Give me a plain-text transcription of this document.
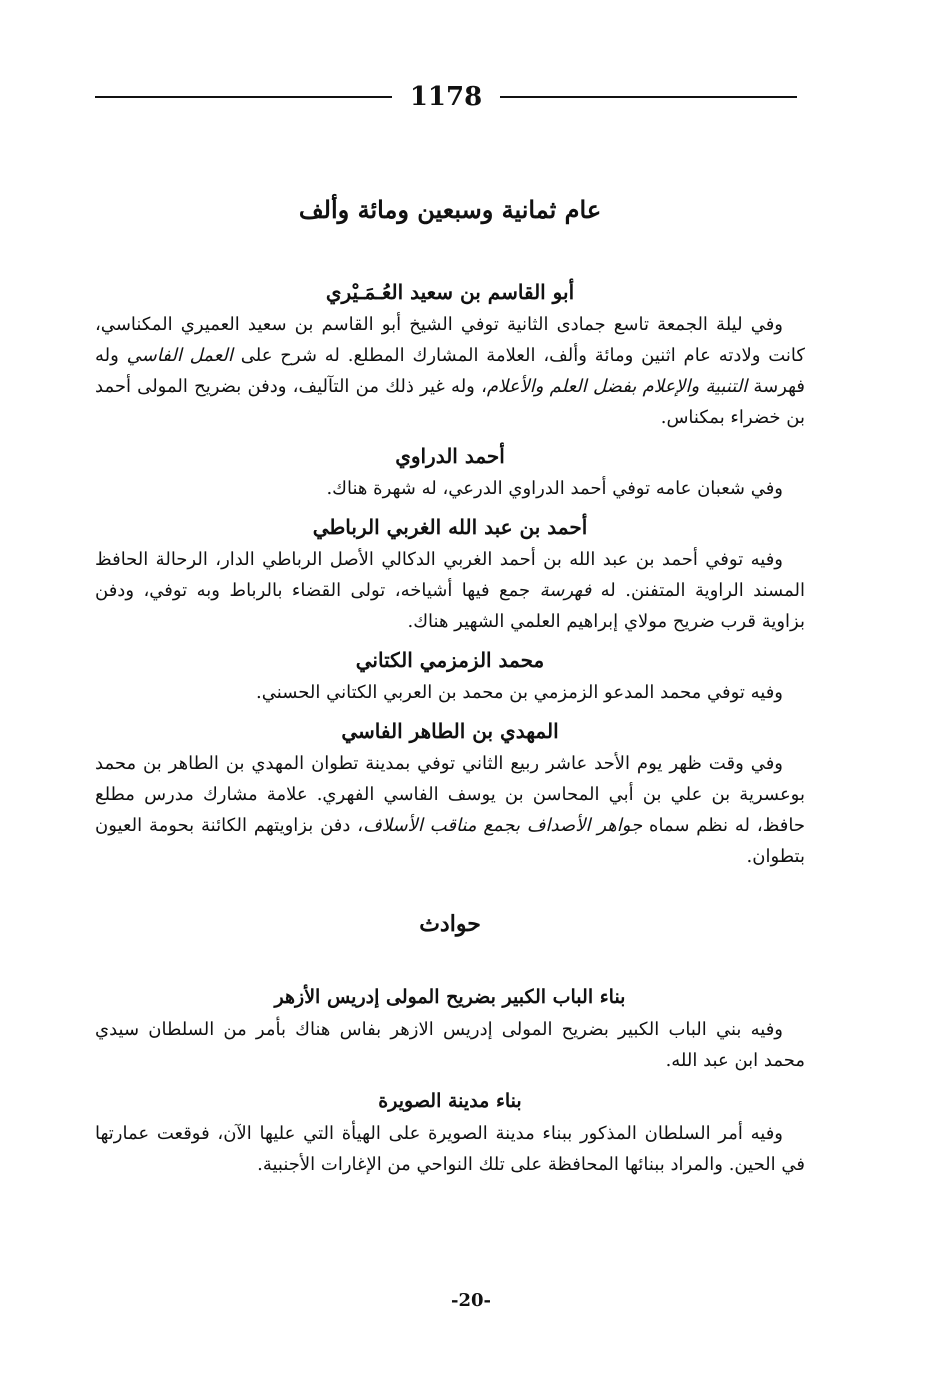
1178
عام ثمانية وسبعين ومائة وألف
أبو القاسم بن سعيد العُـمَـيْري

وفي ليلة الجمعة تاسع جمادى الثانية توفي الشيخ أبو القاسم بن سعيد العميري المكناسي، كانت ولادته عام اثنين ومائة وألف، العلامة المشارك المطلع. له شرح على العمل الفاسي وله فهرسة التنبية والإعلام بفضل العلم والأعلام، وله غير ذلك من التآليف، ودفن بضريح المولى أحمد بن خضراء بمكناس.

أحمد الدراوي

وفي شعبان عامه توفي أحمد الدراوي الدرعي، له شهرة هناك.

أحمد بن عبد الله الغربي الرباطي

وفيه توفي أحمد بن عبد الله بن أحمد الغربي الدكالي الأصل الرباطي الدار، الرحالة الحافظ المسند الراوية المتفنن. له فهرسة جمع فيها أشياخه، تولى القضاء بالرباط وبه توفي، ودفن بزاوية قرب ضريح مولاي إبراهيم العلمي الشهير هناك.

محمد الزمزمي الكتاني

وفيه توفي محمد المدعو الزمزمي بن محمد بن العربي الكتاني الحسني.

المهدي بن الطاهر الفاسي

وفي وقت ظهر يوم الأحد عاشر ربيع الثاني توفي بمدينة تطوان المهدي بن الطاهر بن محمد بوعسرية بن علي بن أبي المحاسن بن يوسف الفاسي الفهري. علامة مشارك مدرس مطلع حافظ، له نظم سماه جواهر الأصداف بجمع مناقب الأسلاف، دفن بزاويتهم الكائنة بحومة العيون بتطوان.

حوادث
بناء الباب الكبير بضريح المولى إدريس الأزهر

وفيه بني الباب الكبير بضريح المولى إدريس الازهر بفاس هناك بأمر من السلطان سيدي محمد ابن عبد الله.

بناء مدينة الصويرة

وفيه أمر السلطان المذكور ببناء مدينة الصويرة على الهيأة التي عليها الآن، فوقعت عمارتها في الحين. والمراد ببنائها المحافظة على تلك النواحي من الإغارات الأجنبية.

-20-
